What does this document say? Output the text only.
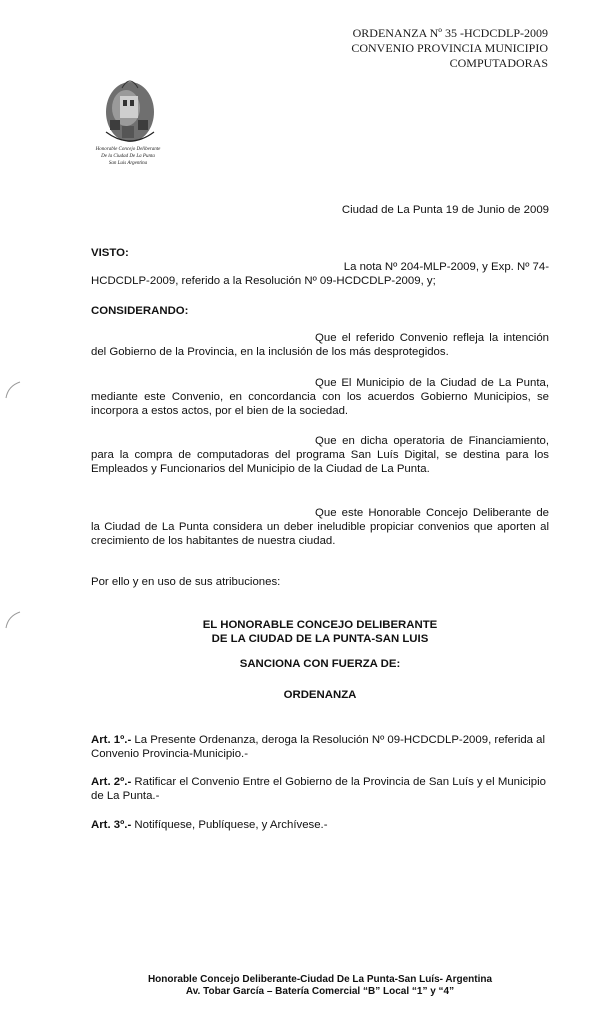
ORDENANZA Nº 35 -HCDCDLP-2009
CONVENIO PROVINCIA MUNICIPIO
COMPUTADORAS
Honorable Concejo Deliberante
De la Ciudad De La Punta
San Luis Argentina
Ciudad de La Punta 19 de Junio de 2009
VISTO:
La nota Nº 204-MLP-2009, y Exp. Nº 74-
HCDCDLP-2009, referido a la Resolución Nº 09-HCDCDLP-2009, y;
CONSIDERANDO:
Que el referido Convenio refleja la intención del Gobierno de la Provincia, en la inclusión de los más desprotegidos.
Que El Municipio de la Ciudad de La Punta, mediante este Convenio, en concordancia con los acuerdos Gobierno Municipios, se incorpora a estos actos, por el bien de la sociedad.
Que en dicha operatoria de Financiamiento, para la compra de computadoras del programa San Luís Digital, se destina para los Empleados y Funcionarios del Municipio de la Ciudad de La Punta.
Que este Honorable Concejo Deliberante de la Ciudad de La Punta considera un deber ineludible propiciar convenios que aporten al crecimiento de los habitantes de nuestra ciudad.
Por ello y en uso de sus atribuciones:
EL HONORABLE CONCEJO DELIBERANTE
DE LA CIUDAD DE LA PUNTA-SAN LUIS
SANCIONA CON FUERZA DE:
ORDENANZA
Art. 1º.- La Presente Ordenanza, deroga la Resolución Nº 09-HCDCDLP-2009, referida al Convenio Provincia-Municipio.-
Art. 2º.- Ratificar el Convenio Entre el Gobierno de la Provincia de San Luís y el Municipio de La Punta.-
Art. 3º.- Notifíquese, Publíquese, y Archívese.-
Honorable Concejo Deliberante-Ciudad De La Punta-San Luís- Argentina
Av. Tobar García – Batería Comercial “B” Local “1” y “4”
